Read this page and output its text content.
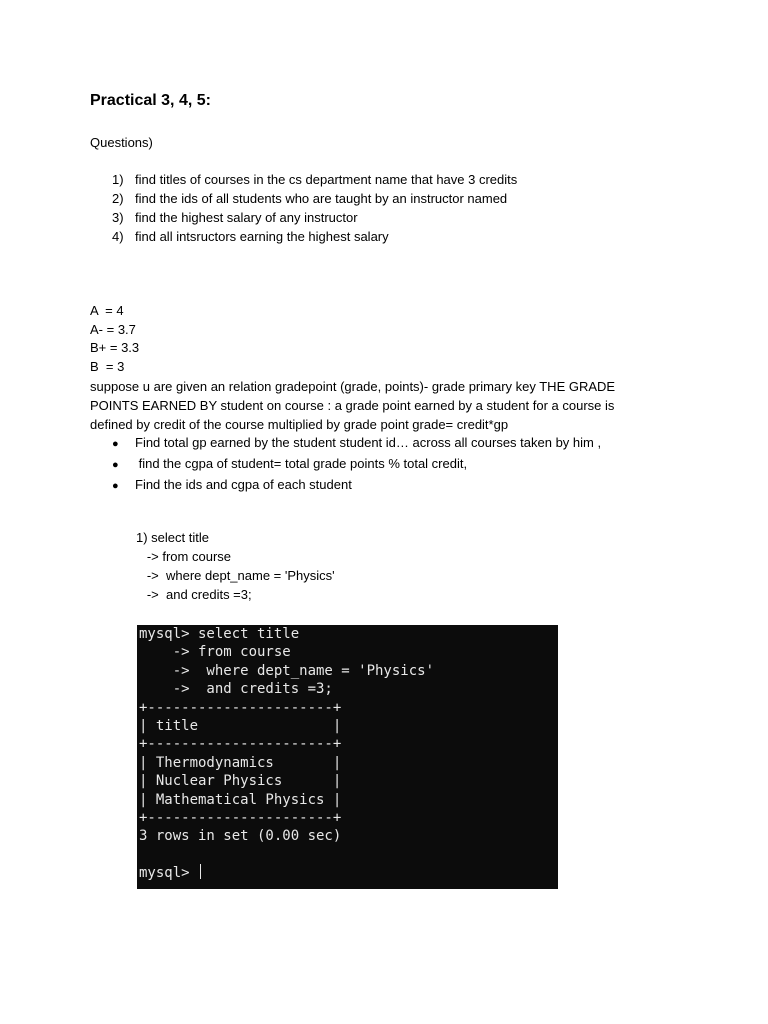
Practical 3, 4, 5:
Questions)
1) find titles of courses in the cs department name that have 3 credits
2) find the ids of all students who are taught by an instructor named
3) find the highest salary of any instructor
4) find all intsructors earning the highest salary
A  = 4
A- = 3.7
B+ = 3.3
B  = 3
suppose u are given an relation gradepoint (grade, points)- grade primary key THE GRADE POINTS EARNED BY student on course : a grade point earned by a student for a course is defined by credit of the course multiplied by grade point grade= credit*gp
● Find total gp earned by the student student id… across all courses taken by him ,
● find the cgpa of student= total grade points % total credit,
● Find the ids and cgpa of each student
1) select title
-> from course
->  where dept_name = 'Physics'
->  and credits =3;
mysql> select title
-> from course
->  where dept_name = 'Physics'
->  and credits =3;
+----------------------+
| title                |
+----------------------+
| Thermodynamics       |
| Nuclear Physics      |
| Mathematical Physics |
+----------------------+
3 rows in set (0.00 sec)

mysql>
